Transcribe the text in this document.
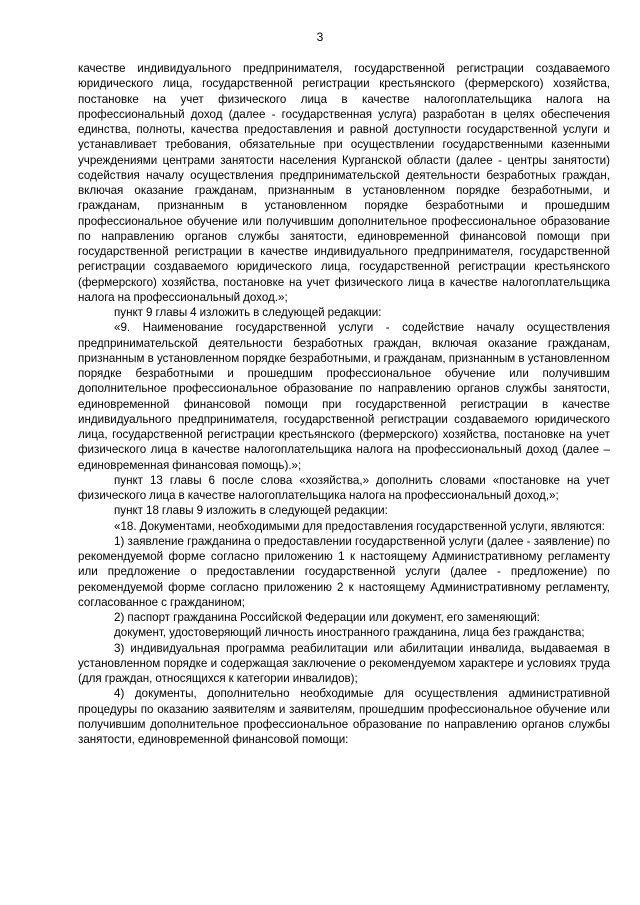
3

качестве индивидуального предпринимателя, государственной регистрации создаваемого юридического лица, государственной регистрации крестьянского (фермерского) хозяйства, постановке на учет физического лица в качестве налогоплательщика налога на профессиональный доход (далее - государственная услуга) разработан в целях обеспечения единства, полноты, качества предоставления и равной доступности государственной услуги и устанавливает требования, обязательные при осуществлении государственными казенными учреждениями центрами занятости населения Курганской области (далее - центры занятости) содействия началу осуществления предпринимательской деятельности безработных граждан, включая оказание гражданам, признанным в установленном порядке безработными, и гражданам, признанным в установленном порядке безработными и прошедшим профессиональное обучение или получившим дополнительное профессиональное образование по направлению органов службы занятости, единовременной финансовой помощи при государственной регистрации в качестве индивидуального предпринимателя, государственной регистрации создаваемого юридического лица, государственной регистрации крестьянского (фермерского) хозяйства, постановке на учет физического лица в качестве налогоплательщика налога на профессиональный доход.»;

пункт 9 главы 4 изложить в следующей редакции:

«9. Наименование государственной услуги - содействие началу осуществления предпринимательской деятельности безработных граждан, включая оказание гражданам, признанным в установленном порядке безработными, и гражданам, признанным в установленном порядке безработными и прошедшим профессиональное обучение или получившим дополнительное профессиональное образование по направлению органов службы занятости, единовременной финансовой помощи при государственной регистрации в качестве индивидуального предпринимателя, государственной регистрации создаваемого юридического лица, государственной регистрации крестьянского (фермерского) хозяйства, постановке на учет физического лица в качестве налогоплательщика налога на профессиональный доход (далее – единовременная финансовая помощь).»;

пункт 13 главы 6 после слова «хозяйства,» дополнить словами «постановке на учет физического лица в качестве налогоплательщика налога на профессиональный доход,»;

пункт 18 главы 9 изложить в следующей редакции:

«18. Документами, необходимыми для предоставления государственной услуги, являются:

1) заявление гражданина о предоставлении государственной услуги (далее - заявление) по рекомендуемой форме согласно приложению 1 к настоящему Административному регламенту или предложение о предоставлении государственной услуги (далее - предложение) по рекомендуемой форме согласно приложению 2 к настоящему Административному регламенту, согласованное с гражданином;

2) паспорт гражданина Российской Федерации или документ, его заменяющий:

документ, удостоверяющий личность иностранного гражданина, лица без гражданства;

3) индивидуальная программа реабилитации или абилитации инвалида, выдаваемая в установленном порядке и содержащая заключение о рекомендуемом характере и условиях труда (для граждан, относящихся к категории инвалидов);

4) документы, дополнительно необходимые для осуществления административной процедуры по оказанию заявителям и заявителям, прошедшим профессиональное обучение или получившим дополнительное профессиональное образование по направлению органов службы занятости, единовременной финансовой помощи:
